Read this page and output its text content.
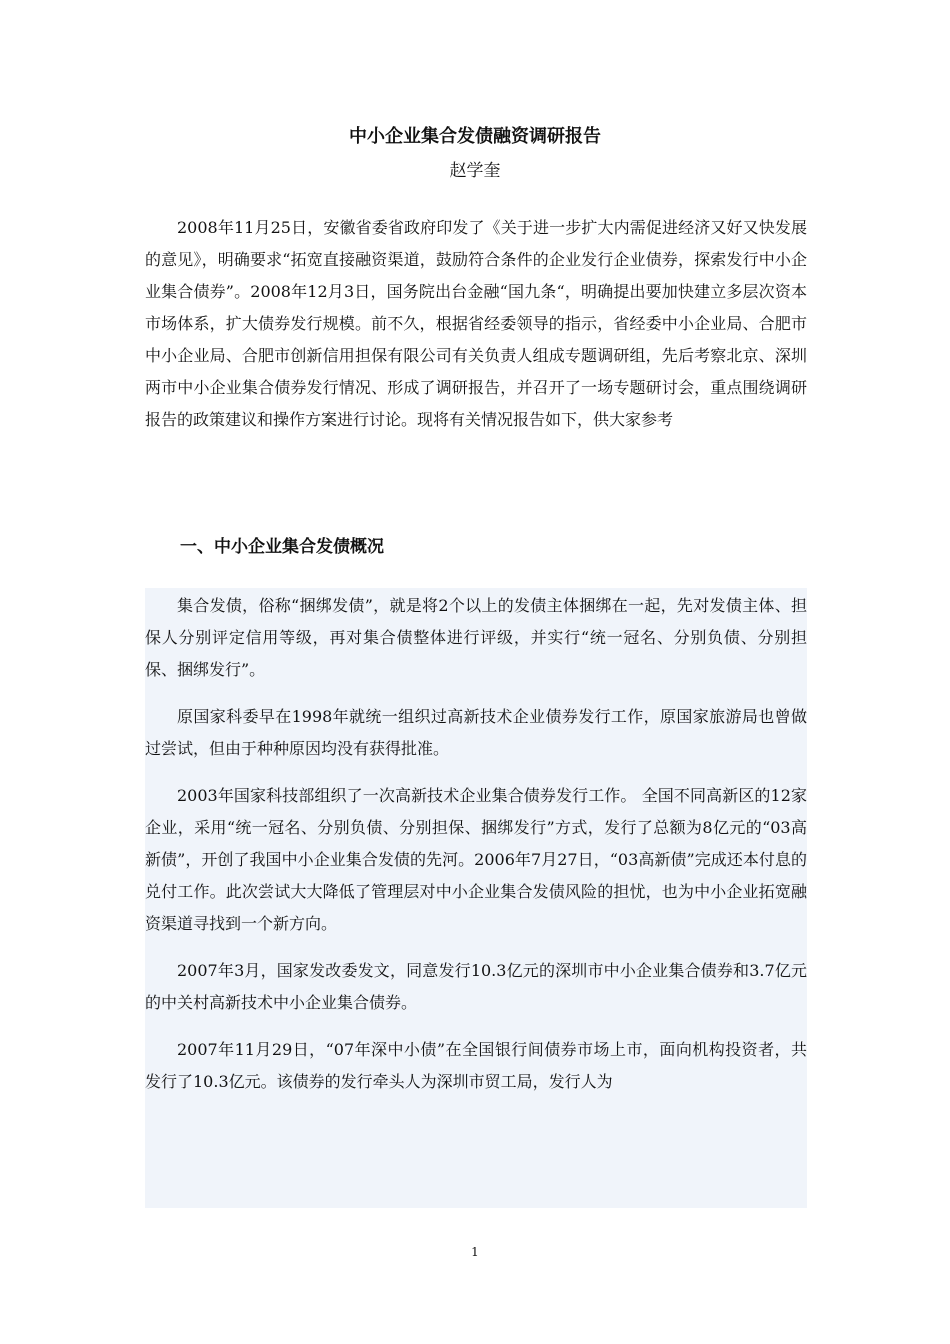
中小企业集合发债融资调研报告
赵学奎

2008年11月25日，安徽省委省政府印发了《关于进一步扩大内需促进经济又好又快发展的意见》，明确要求“拓宽直接融资渠道，鼓励符合条件的企业发行企业债券，探索发行中小企业集合债券”。2008年12月3日，国务院出台金融“国九条“，明确提出要加快建立多层次资本市场体系，扩大债券发行规模。前不久，根据省经委领导的指示，省经委中小企业局、合肥市中小企业局、合肥市创新信用担保有限公司有关负责人组成专题调研组，先后考察北京、深圳两市中小企业集合债券发行情况、形成了调研报告，并召开了一场专题研讨会，重点围绕调研报告的政策建议和操作方案进行讨论。现将有关情况报告如下，供大家参考

一、中小企业集合发债概况

集合发债，俗称“捆绑发债”，就是将2个以上的发债主体捆绑在一起，先对发债主体、担保人分别评定信用等级，再对集合债整体进行评级，并实行“统一冠名、分别负债、分别担保、捆绑发行”。

原国家科委早在1998年就统一组织过高新技术企业债券发行工作，原国家旅游局也曾做过尝试，但由于种种原因均没有获得批准。

2003年国家科技部组织了一次高新技术企业集合债券发行工作。 全国不同高新区的12家企业，采用“统一冠名、分别负债、分别担保、捆绑发行”方式，发行了总额为8亿元的“03高新债”，开创了我国中小企业集合发债的先河。2006年7月27日，“03高新债”完成还本付息的兑付工作。此次尝试大大降低了管理层对中小企业集合发债风险的担忧，也为中小企业拓宽融资渠道寻找到一个新方向。

2007年3月，国家发改委发文，同意发行10.3亿元的深圳市中小企业集合债券和3.7亿元的中关村高新技术中小企业集合债券。

2007年11月29日，“07年深中小债”在全国银行间债券市场上市，面向机构投资者，共发行了10.3亿元。该债券的发行牵头人为深圳市贸工局，发行人为

1
